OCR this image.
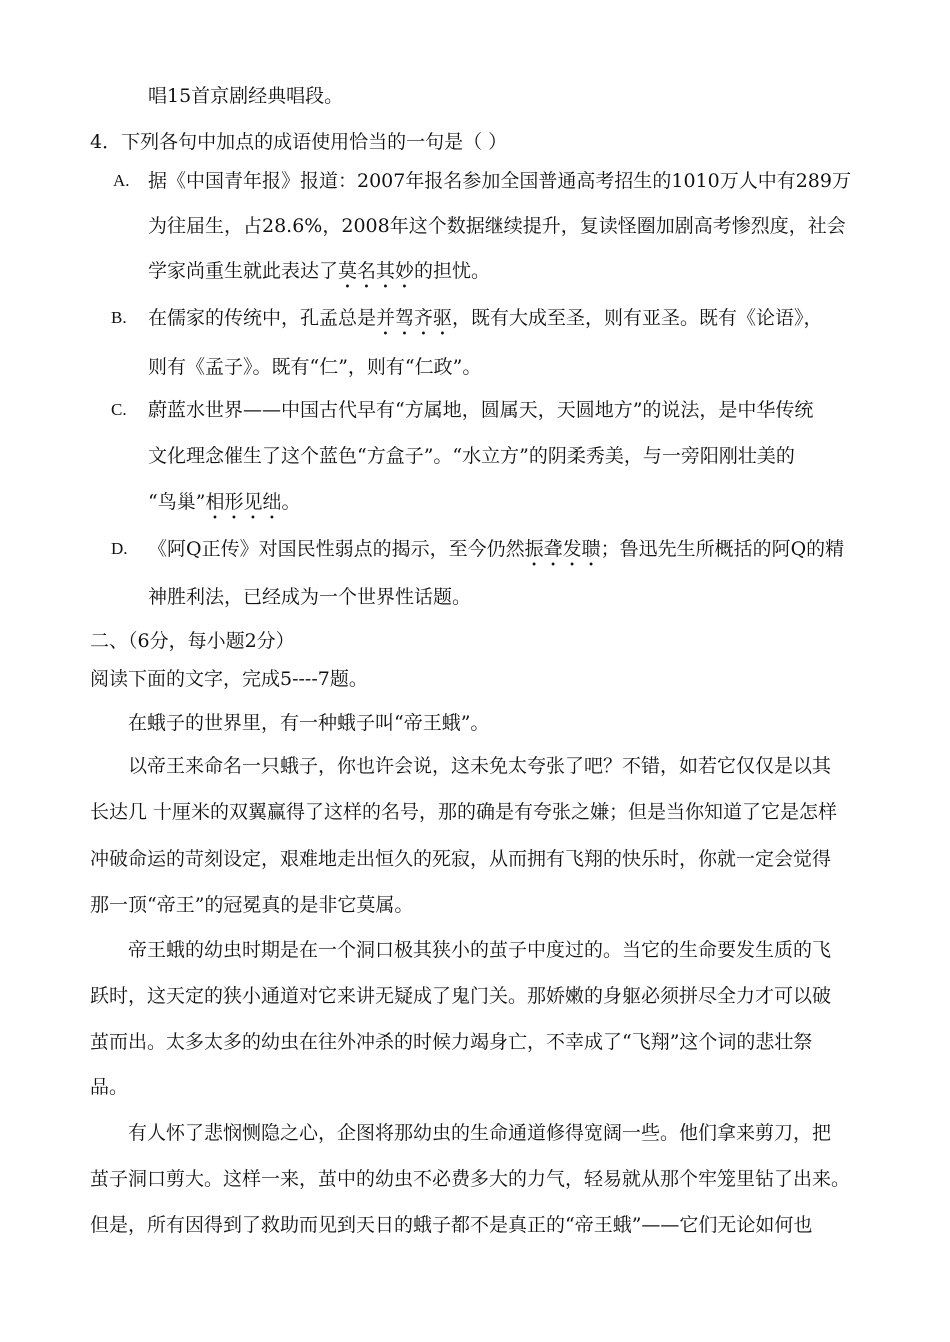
唱15首京剧经典唱段。
4．下列各句中加点的成语使用恰当的一句是（ ）
A. 据《中国青年报》报道：2007年报名参加全国普通高考招生的1010万人中有289万
为往届生，占28.6%，2008年这个数据继续提升，复读怪圈加剧高考惨烈度，社会
学家尚重生就此表达了莫名其妙的担忧。
B. 在儒家的传统中，孔孟总是并驾齐驱，既有大成至圣，则有亚圣。既有《论语》，
则有《孟子》。既有“仁”，则有“仁政”。
C. 蔚蓝水世界——中国古代早有“方属地，圆属天，天圆地方”的说法，是中华传统
文化理念催生了这个蓝色“方盒子”。“水立方”的阴柔秀美，与一旁阳刚壮美的
“鸟巢”相形见绌。
D. 《阿Q正传》对国民性弱点的揭示，至今仍然振聋发聩；鲁迅先生所概括的阿Q的精
神胜利法，已经成为一个世界性话题。
二、（6分，每小题2分）
阅读下面的文字，完成5----7题。
在蛾子的世界里，有一种蛾子叫“帝王蛾”。
以帝王来命名一只蛾子，你也许会说，这未免太夸张了吧？不错，如若它仅仅是以其
长达几 十厘米的双翼赢得了这样的名号，那的确是有夸张之嫌；但是当你知道了它是怎样
冲破命运的苛刻设定，艰难地走出恒久的死寂，从而拥有飞翔的快乐时，你就一定会觉得
那一顶“帝王”的冠冕真的是非它莫属。
帝王蛾的幼虫时期是在一个洞口极其狭小的茧子中度过的。当它的生命要发生质的飞
跃时，这天定的狭小通道对它来讲无疑成了鬼门关。那娇嫩的身躯必须拼尽全力才可以破
茧而出。太多太多的幼虫在往外冲杀的时候力竭身亡，不幸成了“飞翔”这个词的悲壮祭
品。
有人怀了悲悯恻隐之心，企图将那幼虫的生命通道修得宽阔一些。他们拿来剪刀，把
茧子洞口剪大。这样一来，茧中的幼虫不必费多大的力气，轻易就从那个牢笼里钻了出来。
但是，所有因得到了救助而见到天日的蛾子都不是真正的“帝王蛾”——它们无论如何也
